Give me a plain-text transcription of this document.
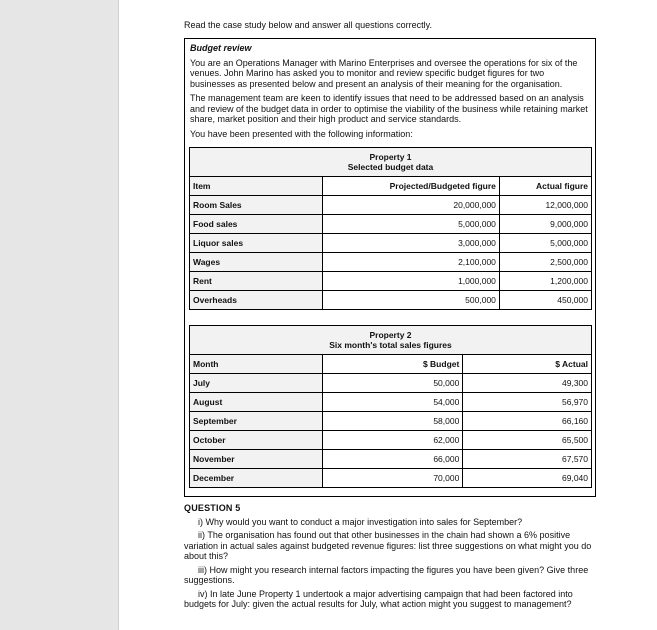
Read the case study below and answer all questions correctly.

Budget review

You are an Operations Manager with Marino Enterprises and oversee the operations for six of the venues. John Marino has asked you to monitor and review specific budget figures for two businesses as presented below and present an analysis of their meaning for the organisation.

The management team are keen to identify issues that need to be addressed based on an analysis and review of the budget data in order to optimise the viability of the business while retaining market share, market position and their high product and service standards.

You have been presented with the following information:

Property 1
Selected budget data		
Item	Projected/Budgeted figure	Actual figure
Room Sales	20,000,000	12,000,000
Food sales	5,000,000	9,000,000
Liquor sales	3,000,000	5,000,000
Wages	2,100,000	2,500,000
Rent	1,000,000	1,200,000
Overheads	500,000	450,000
Property 2
Six month's total sales figures		
Month	$ Budget	$ Actual
July	50,000	49,300
August	54,000	56,970
September	58,000	66,160
October	62,000	65,500
November	66,000	67,570
December	70,000	69,040

QUESTION 5

i) Why would you want to conduct a major investigation into sales for September?

ii) The organisation has found out that other businesses in the chain had shown a 6% positive variation in actual sales against budgeted revenue figures: list three suggestions on what might you do about this?

iii) How might you research internal factors impacting the figures you have been given? Give three suggestions.

iv) In late June Property 1 undertook a major advertising campaign that had been factored into budgets for July: given the actual results for July, what action might you suggest to management?
